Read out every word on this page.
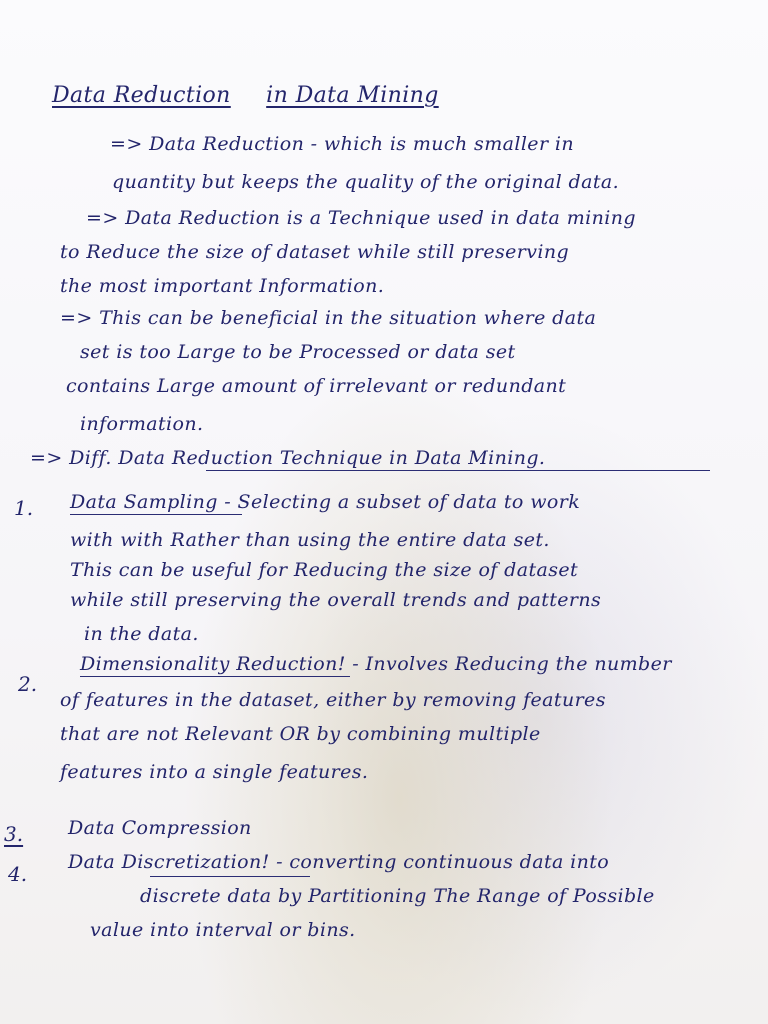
Data Reduction in Data Mining
=> Data Reduction - which is much smaller in
quantity but keeps the quality of the original data.
=> Data Reduction is a Technique used in data mining
to Reduce the size of dataset while still preserving
the most important Information.
=> This can be beneficial in the situation where data
set is too Large to be Processed or data set
contains Large amount of irrelevant or redundant
information.
=> Diff. Data Reduction Technique in Data Mining.
1. Data Sampling - Selecting a subset of data to work
with with Rather than using the entire data set.
This can be useful for Reducing the size of dataset
while still preserving the overall trends and patterns
in the data.
2.
Dimensionality Reduction! - Involves Reducing the number
of features in the dataset, either by removing features
that are not Relevant OR by combining multiple
features into a single features.
3. Data Compression
4. Data Discretization! - converting continuous data into
discrete data by Partitioning The Range of Possible
value into interval or bins.
